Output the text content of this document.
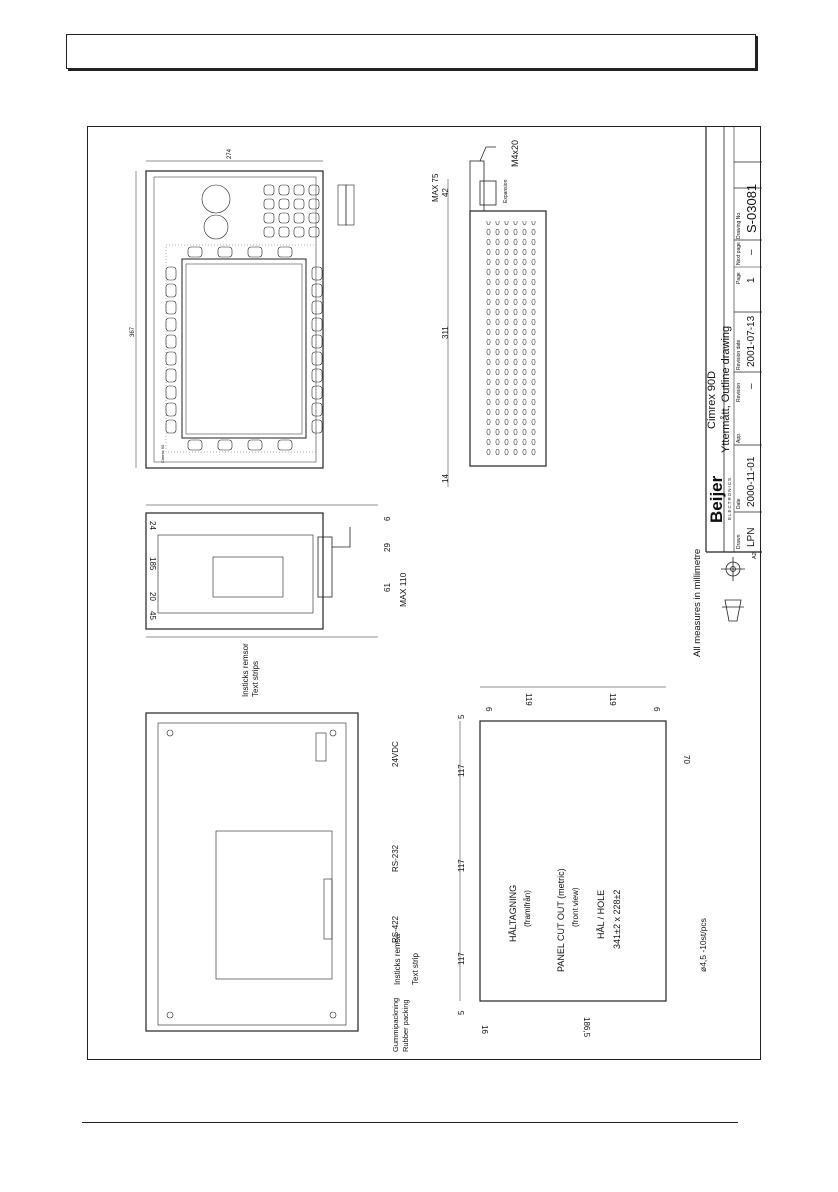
Cimrex 90D Yttermått, Outline drawing
Drawing No. S-03081
Next page –
Page 1
Revision date 2001-07-13
Revision –
App.
Date 2000-11-01
Drawn LPN
Beijer ELECTRONICS
All measures in millimetre	A2
Cimrex 90
274
367	311
14
42
MAX 75
M4x20
Expansion
24
185
20
45
6
29
61 MAX 110
Insticks remsor Text strips
24VDC
RS-232
RS-422
Insticks remsa Text strip
Gummipackning Rubber packing
HÅLTAGNING (framifrån)	PANEL CUT OUT (metric) (front view) HÅL / HOLE 341±2 x 228±2
5
117
117
117
5
119	119
6	6
70
16	186,5
ø4,5 -10st/pcs
